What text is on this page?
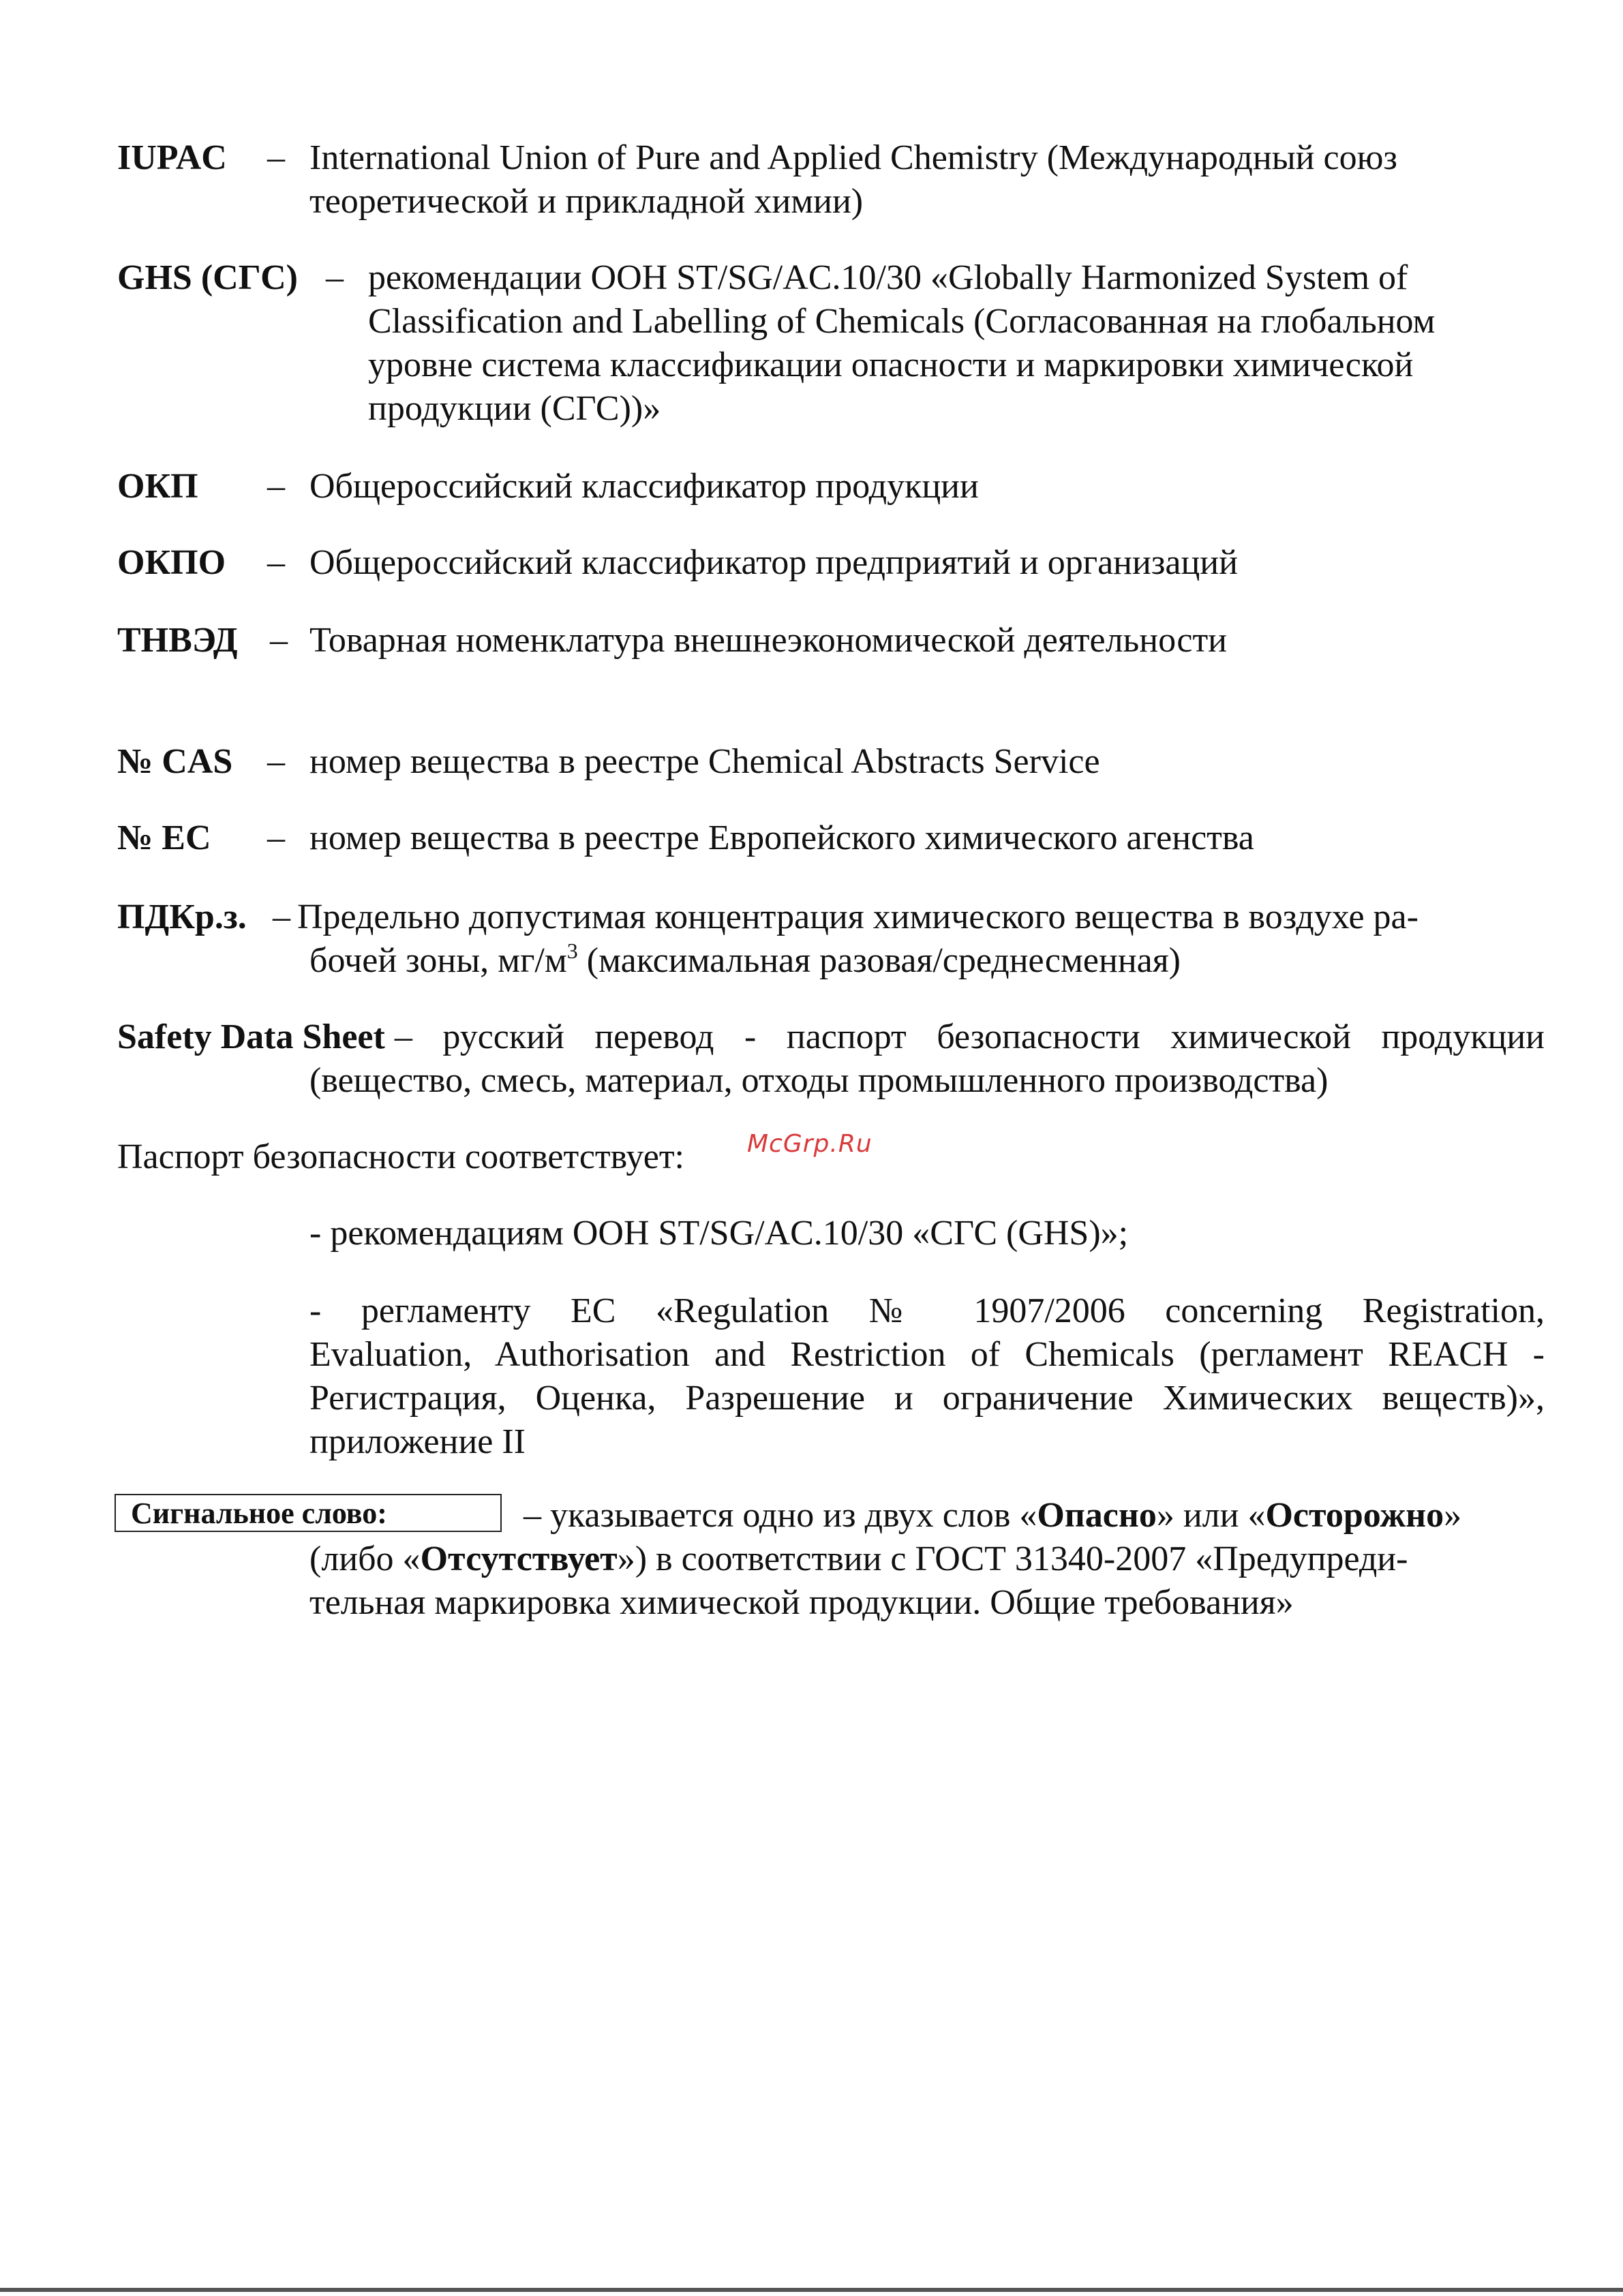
IUPAC – International Union of Pure and Applied Chemistry (Международный союз
теоретической и прикладной химии)
GHS (СГС) – рекомендации ООН ST/SG/AC.10/30 «Globally Harmonized System of
Classification and Labelling of Chemicals (Согласованная на глобальном
уровне система классификации опасности и маркировки химической
продукции (СГС))»
ОКП – Общероссийский классификатор продукции
ОКПО – Общероссийский классификатор предприятий и организаций
ТНВЭД – Товарная номенклатура внешнеэкономической деятельности
№ CAS – номер вещества в реестре Chemical Abstracts Service
№ EC – номер вещества в реестре Европейского химического агенства
ПДКр.з. – Предельно допустимая концентрация химического вещества в воздухе ра-
бочей зоны, $мг/м^3$ (максимальная разовая/среднесменная)
Safety Data Sheet – русский перевод - паспорт безопасности химической продукции
(вещество, смесь, материал, отходы промышленного производства)
Паспорт безопасности соответствует:	McGrp.Ru
- рекомендациям ООН ST/SG/AC.10/30 «СГС (GHS)»;
- регламенту ЕС «Regulation № 1907/2006 concerning Registration,
Evaluation, Authorisation and Restriction of Chemicals (регламент REACH -
Регистрация, Оценка, Разрешение и ограничение Химических веществ)»,
приложение II
Сигнальное слово:	– указывается одно из двух слов «Опасно» или «Осторожно»
(либо «Отсутствует») в соответствии с ГОСТ 31340-2007 «Предупреди-
тельная маркировка химической продукции. Общие требования»
